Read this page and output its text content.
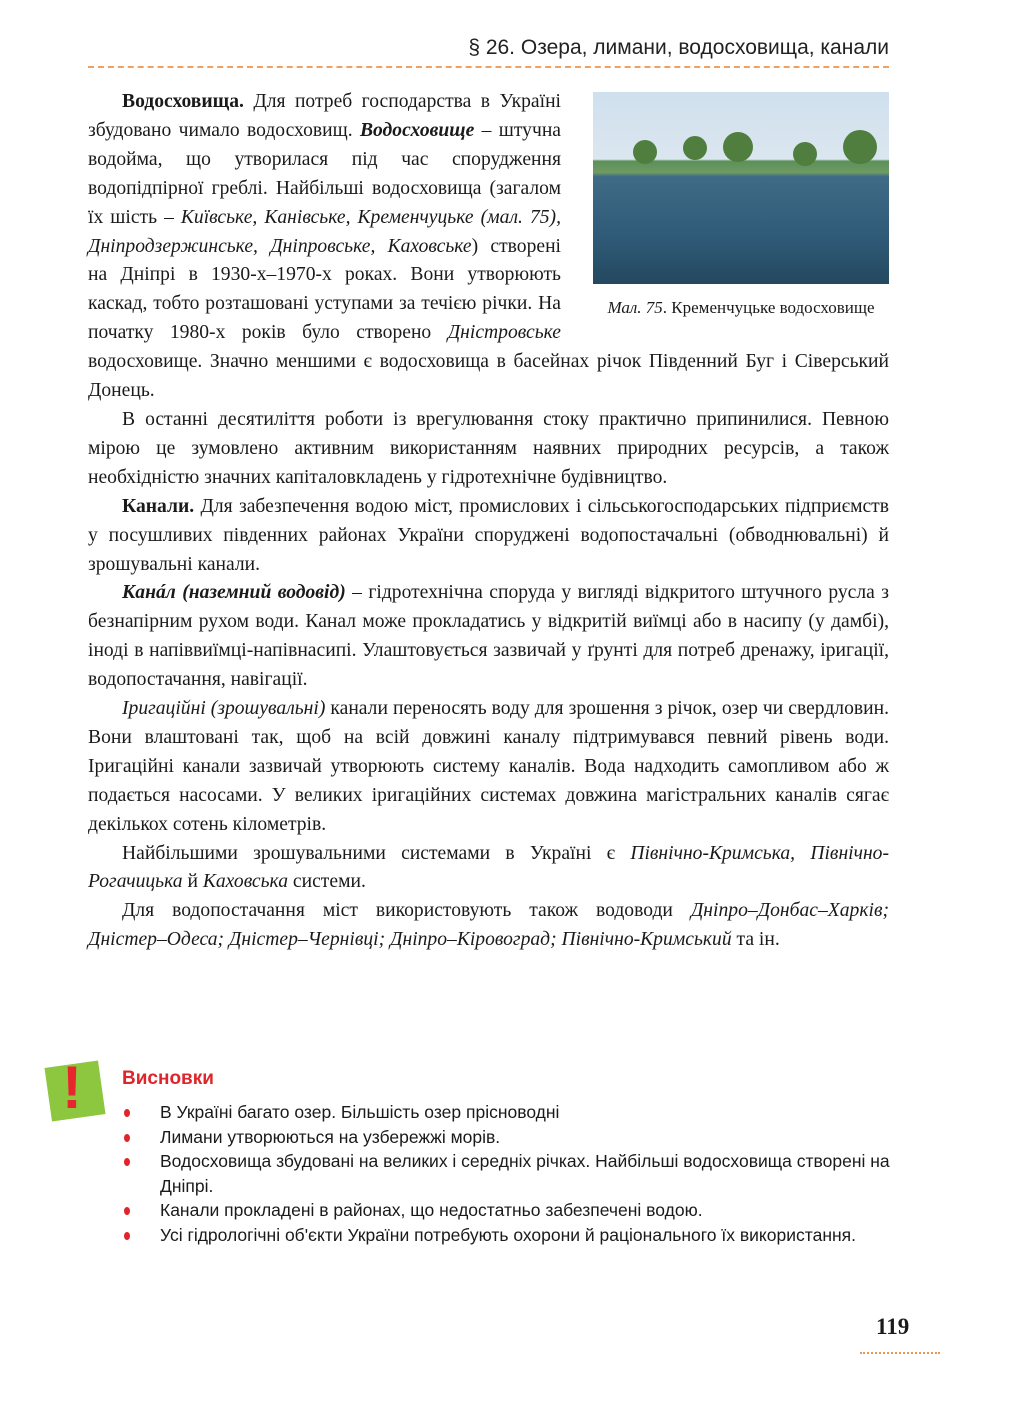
§ 26. Озера, лимани, водосховища, канали
Мал. 75. Кременчуцьке водосховище

Водосховища. Для потреб господарства в Україні збудовано чимало водосховищ. Водосховище – штучна водойма, що утворилася під час спорудження водопідпірної греблі. Найбільші водосховища (загалом їх шість – Київське, Канівське, Кременчуцьке (мал. 75), Дніпродзержинське, Дніпровське, Каховське) створені на Дніпрі в 1930-х–1970-х роках. Вони утворюють каскад, тобто розташовані уступами за течією річки. На початку 1980-х років було створено Дністровське водосховище. Значно меншими є водосховища в басейнах річок Південний Буг і Сіверський Донець.

В останні десятиліття роботи із врегулювання стоку практично припинилися. Певною мірою це зумовлено активним використанням наявних природних ресурсів, а також необхідністю значних капіталовкладень у гідротехнічне будівництво.

Канали. Для забезпечення водою міст, промислових і сільськогосподарських підприємств у посушливих південних районах України споруджені водопостачальні (обводнювальні) й зрошувальні канали.

Канáл (наземний водовід) – гідротехнічна споруда у вигляді відкритого штучного русла з безнапірним рухом води. Канал може прокладатись у відкритій виїмці або в насипу (у дамбі), іноді в напіввиїмці-напівнасипі. Улаштовується зазвичай у ґрунті для потреб дренажу, іригації, водопостачання, навігації.

Іригаційні (зрошувальні) канали переносять воду для зрошення з річок, озер чи свердловин. Вони влаштовані так, щоб на всій довжині каналу підтримувався певний рівень води. Іригаційні канали зазвичай утворюють систему каналів. Вода надходить самопливом або ж подається насосами. У великих іригаційних системах довжина магістральних каналів сягає декількох сотень кілометрів.

Найбільшими зрошувальними системами в Україні є Північно-Кримська, Північно-Рогачицька й Каховська системи.

Для водопостачання міст використовують також водоводи Дніпро–Донбас–Харків; Дністер–Одеса; Дністер–Чернівці; Дніпро–Кіровоград; Північно-Кримський та ін.

! Висновки
В Україні багато озер. Більшість озер прісноводні
Лимани утворюються на узбережжі морів.
Водосховища збудовані на великих і середніх річках. Найбільші водосховища створені на Дніпрі.
Канали прокладені в районах, що недостатньо забезпечені водою.
Усі гідрологічні об'єкти України потребують охорони й раціонального їх використання.
119
